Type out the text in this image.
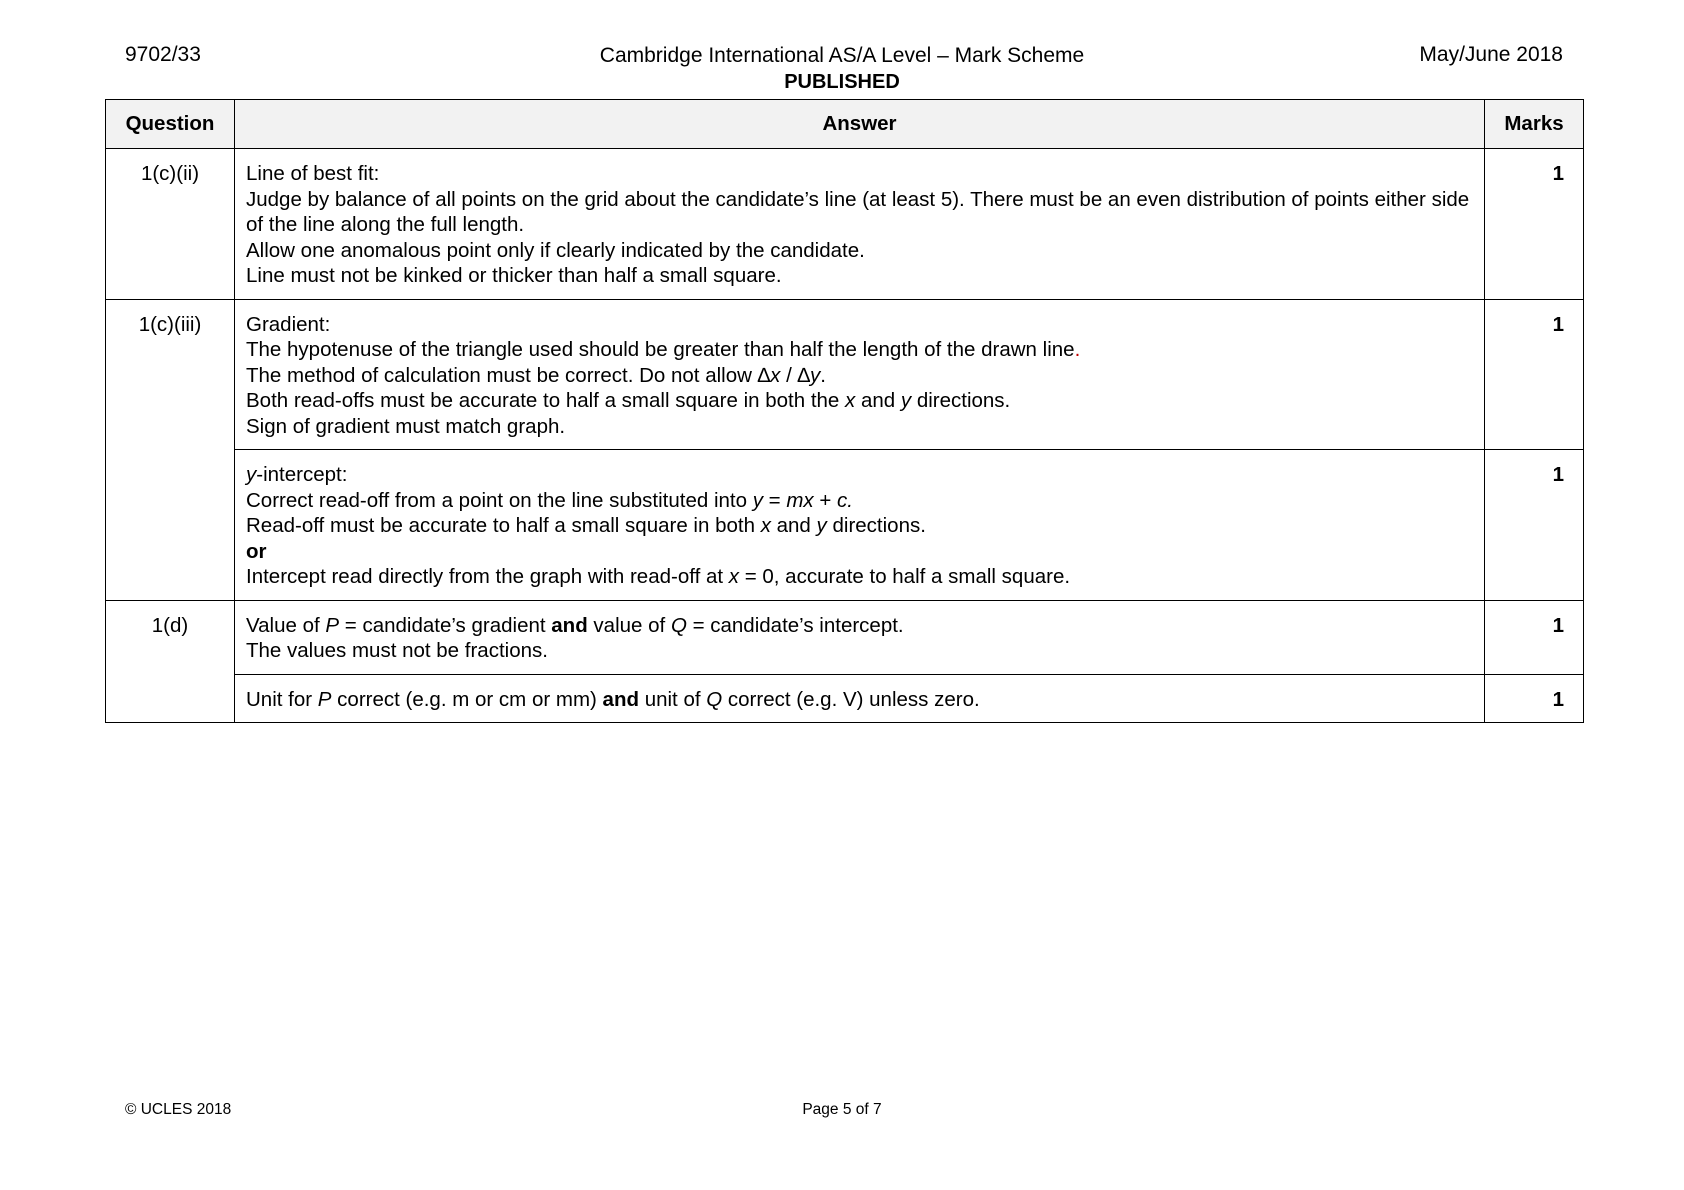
9702/33	Cambridge International AS/A Level – Mark Scheme
PUBLISHED
May/June 2018
Question	Answer	Marks
1(c)(ii)	Line of best fit:
Judge by balance of all points on the grid about the candidate’s line (at least 5). There must be an even distribution of points either side of the line along the full length.
Allow one anomalous point only if clearly indicated by the candidate.
Line must not be kinked or thicker than half a small square.	1
1(c)(iii)	Gradient:
The hypotenuse of the triangle used should be greater than half the length of the drawn line.
The method of calculation must be correct. Do not allow ∆x / ∆y.
Both read-offs must be accurate to half a small square in both the x and y directions.
Sign of gradient must match graph.	1

	y-intercept:
Correct read-off from a point on the line substituted into y = mx + c.
Read-off must be accurate to half a small square in both x and y directions.
or
Intercept read directly from the graph with read-off at x = 0, accurate to half a small square.	1
1(d)	Value of P = candidate’s gradient and value of Q = candidate’s intercept.
The values must not be fractions.	1

	Unit for P correct (e.g. m or cm or mm) and unit of Q correct (e.g. V) unless zero.	1
© UCLES 2018	Page 5 of 7
